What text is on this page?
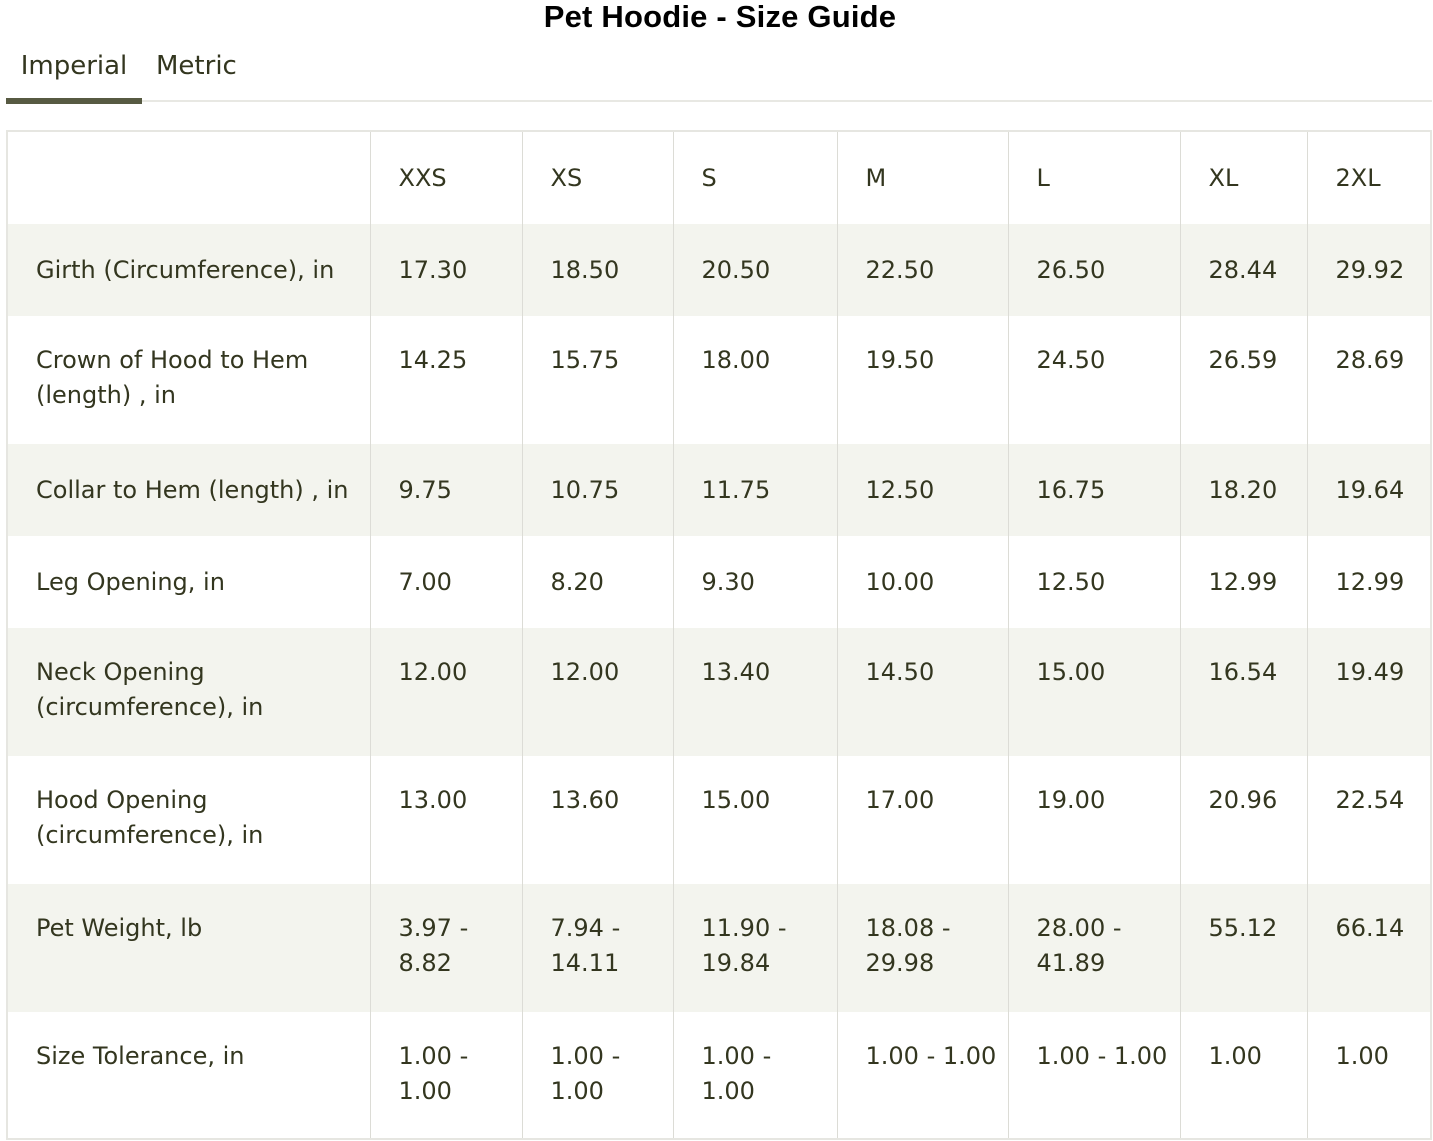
Pet Hoodie - Size Guide
Imperial	Metric
	XXS	XS	S	M	L	XL	2XL
Girth (Circumference), in	17.30	18.50	20.50	22.50	26.50	28.44	29.92
Crown of Hood to Hem (length) , in	14.25	15.75	18.00	19.50	24.50	26.59	28.69
Collar to Hem (length) , in	9.75	10.75	11.75	12.50	16.75	18.20	19.64
Leg Opening, in	7.00	8.20	9.30	10.00	12.50	12.99	12.99
Neck Opening (circumference), in	12.00	12.00	13.40	14.50	15.00	16.54	19.49
Hood Opening (circumference), in	13.00	13.60	15.00	17.00	19.00	20.96	22.54
Pet Weight, lb	3.97 - 8.82	7.94 - 14.11	11.90 - 19.84	18.08 - 29.98	28.00 - 41.89	55.12	66.14
Size Tolerance, in	1.00 - 1.00	1.00 - 1.00	1.00 - 1.00	1.00 - 1.00	1.00 - 1.00	1.00	1.00
